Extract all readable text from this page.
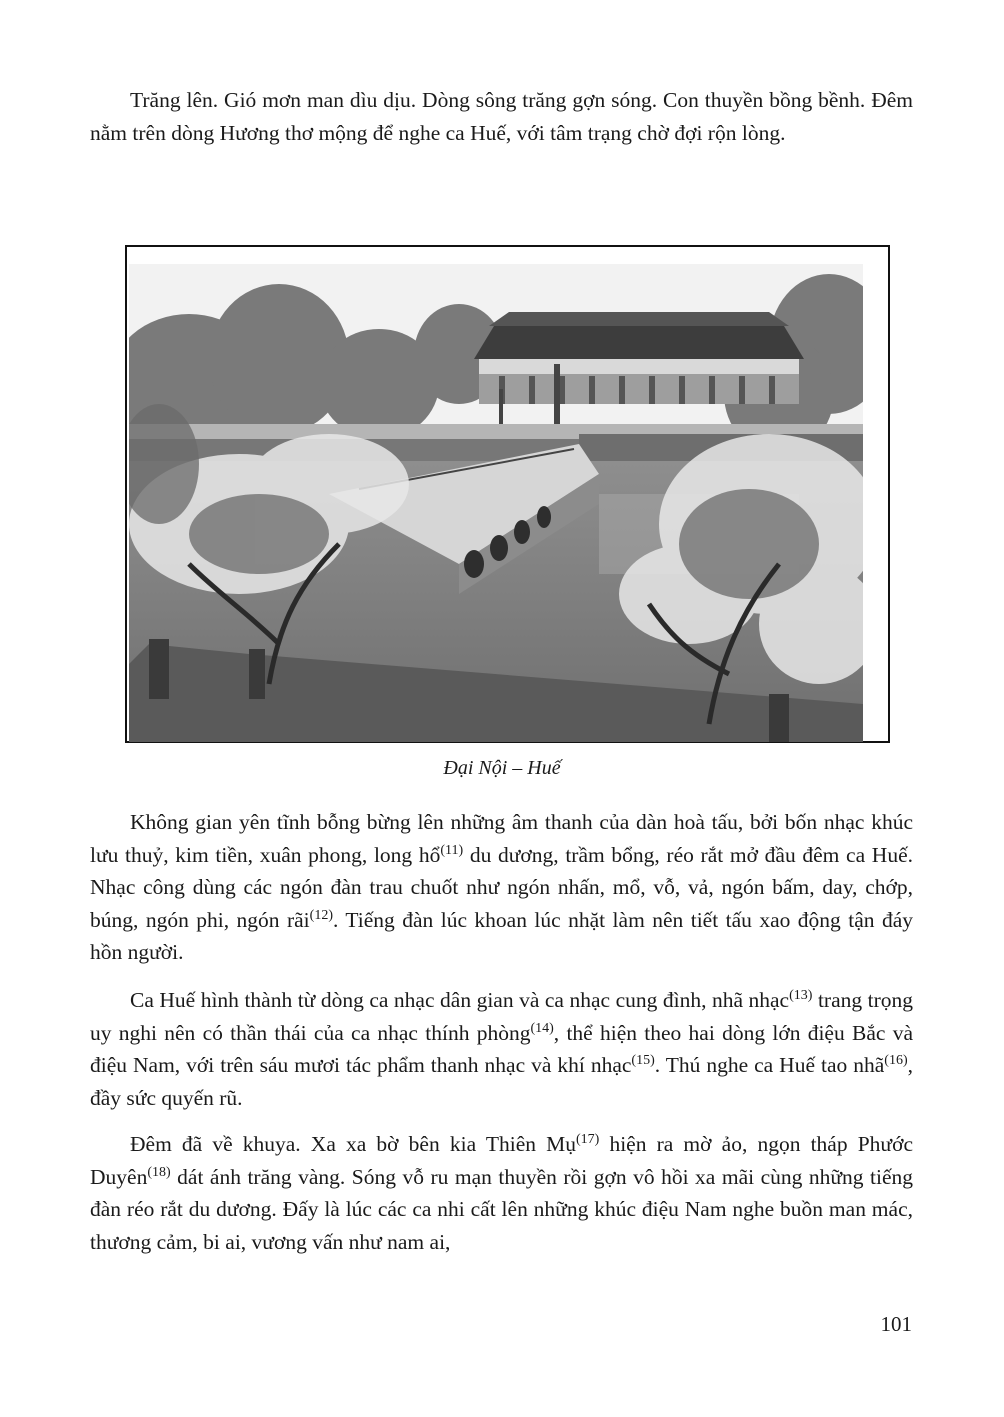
Trăng lên. Gió mơn man dìu dịu. Dòng sông trăng gợn sóng. Con thuyền bồng bềnh. Đêm nằm trên dòng Hương thơ mộng để nghe ca Huế, với tâm trạng chờ đợi rộn lòng.

Đại Nội – Huế

Không gian yên tĩnh bỗng bừng lên những âm thanh của dàn hoà tấu, bởi bốn nhạc khúc lưu thuỷ, kim tiền, xuân phong, long hổ$^{(11)}$ du dương, trầm bổng, réo rắt mở đầu đêm ca Huế. Nhạc công dùng các ngón đàn trau chuốt như ngón nhấn, mổ, vỗ, vả, ngón bấm, day, chớp, búng, ngón phi, ngón rãi$^{(12)}$. Tiếng đàn lúc khoan lúc nhặt làm nên tiết tấu xao động tận đáy hồn người.

Ca Huế hình thành từ dòng ca nhạc dân gian và ca nhạc cung đình, nhã nhạc$^{(13)}$ trang trọng uy nghi nên có thần thái của ca nhạc thính phòng$^{(14)}$, thể hiện theo hai dòng lớn điệu Bắc và điệu Nam, với trên sáu mươi tác phẩm thanh nhạc và khí nhạc$^{(15)}$. Thú nghe ca Huế tao nhã$^{(16)}$, đầy sức quyến rũ.

Đêm đã về khuya. Xa xa bờ bên kia Thiên Mụ$^{(17)}$ hiện ra mờ ảo, ngọn tháp Phước Duyên$^{(18)}$ dát ánh trăng vàng. Sóng vỗ ru mạn thuyền rồi gợn vô hồi xa mãi cùng những tiếng đàn réo rắt du dương. Đấy là lúc các ca nhi cất lên những khúc điệu Nam nghe buồn man mác, thương cảm, bi ai, vương vấn như nam ai,

101
